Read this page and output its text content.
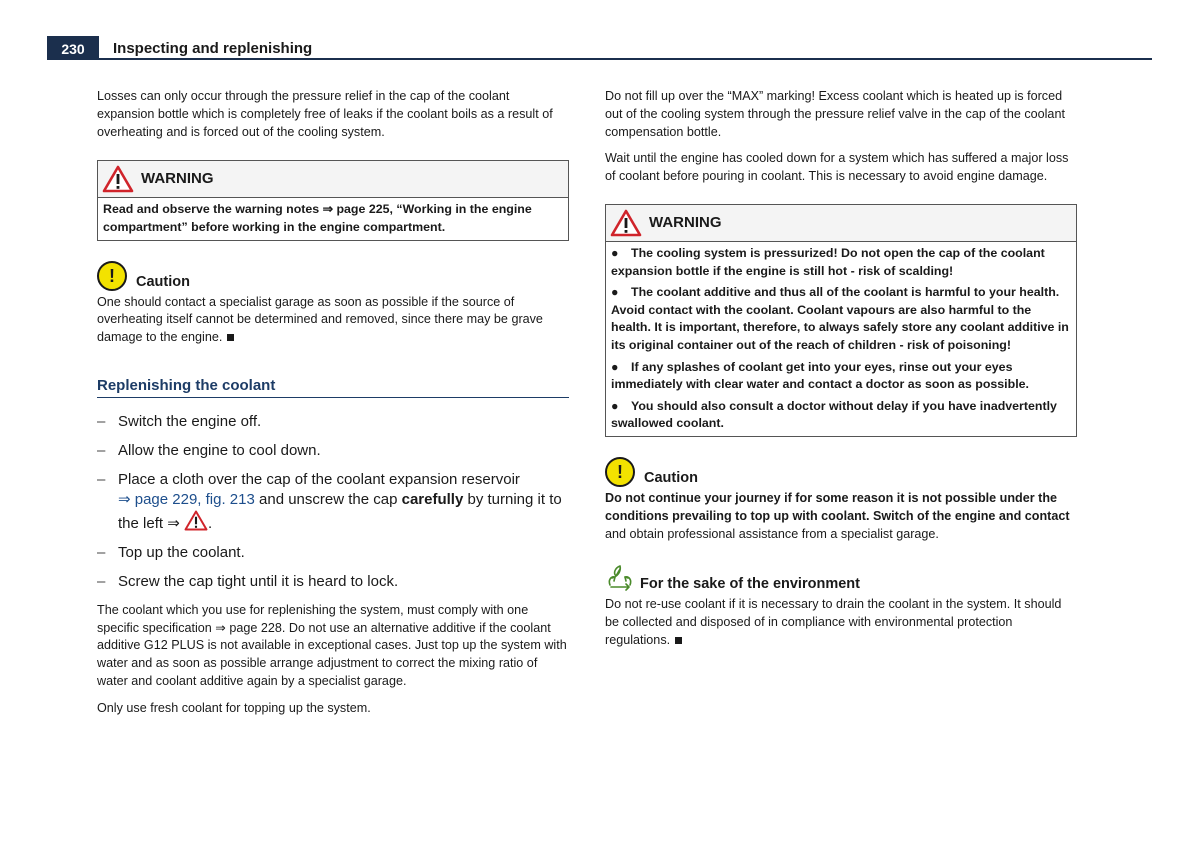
230	Inspecting and replenishing

Losses can only occur through the pressure relief in the cap of the coolant expansion bottle which is completely free of leaks if the coolant boils as a result of overheating and is forced out of the cooling system.

WARNING
Read and observe the warning notes ⇒ page 225, “Working in the engine compartment” before working in the engine compartment.
!	Caution

One should contact a specialist garage as soon as possible if the source of overheating itself cannot be determined and removed, since there may be grave damage to the engine.

Replenishing the coolant
– Switch the engine off.
– Allow the engine to cool down.
– Place a cloth over the cap of the coolant expansion reservoir
⇒ page 229, fig. 213 and unscrew the cap carefully by turning it to the left ⇒ .
– Top up the coolant.
– Screw the cap tight until it is heard to lock.

The coolant which you use for replenishing the system, must comply with one specific specification ⇒ page 228. Do not use an alternative additive if the coolant additive G12 PLUS is not available in exceptional cases. Just top up the system with water and as soon as possible arrange adjustment to correct the mixing ratio of water and coolant additive again by a specialist garage.

Only use fresh coolant for topping up the system.

Do not fill up over the “MAX” marking! Excess coolant which is heated up is forced out of the cooling system through the pressure relief valve in the cap of the coolant compensation bottle.

Wait until the engine has cooled down for a system which has suffered a major loss of coolant before pouring in coolant. This is necessary to avoid engine damage.

WARNING

● The cooling system is pressurized! Do not open the cap of the coolant expansion bottle if the engine is still hot - risk of scalding!

● The coolant additive and thus all of the coolant is harmful to your health. Avoid contact with the coolant. Coolant vapours are also harmful to the health. It is important, therefore, to always safely store any coolant additive in its original container out of the reach of children - risk of poisoning!

● If any splashes of coolant get into your eyes, rinse out your eyes immediately with clear water and contact a doctor as soon as possible.

● You should also consult a doctor without delay if you have inadvertently swallowed coolant.

!	Caution

Do not continue your journey if for some reason it is not possible under the conditions prevailing to top up with coolant. Switch of the engine and contact and obtain professional assistance from a specialist garage.

For the sake of the environment

Do not re-use coolant if it is necessary to drain the coolant in the system. It should be collected and disposed of in compliance with environmental protection regulations.
